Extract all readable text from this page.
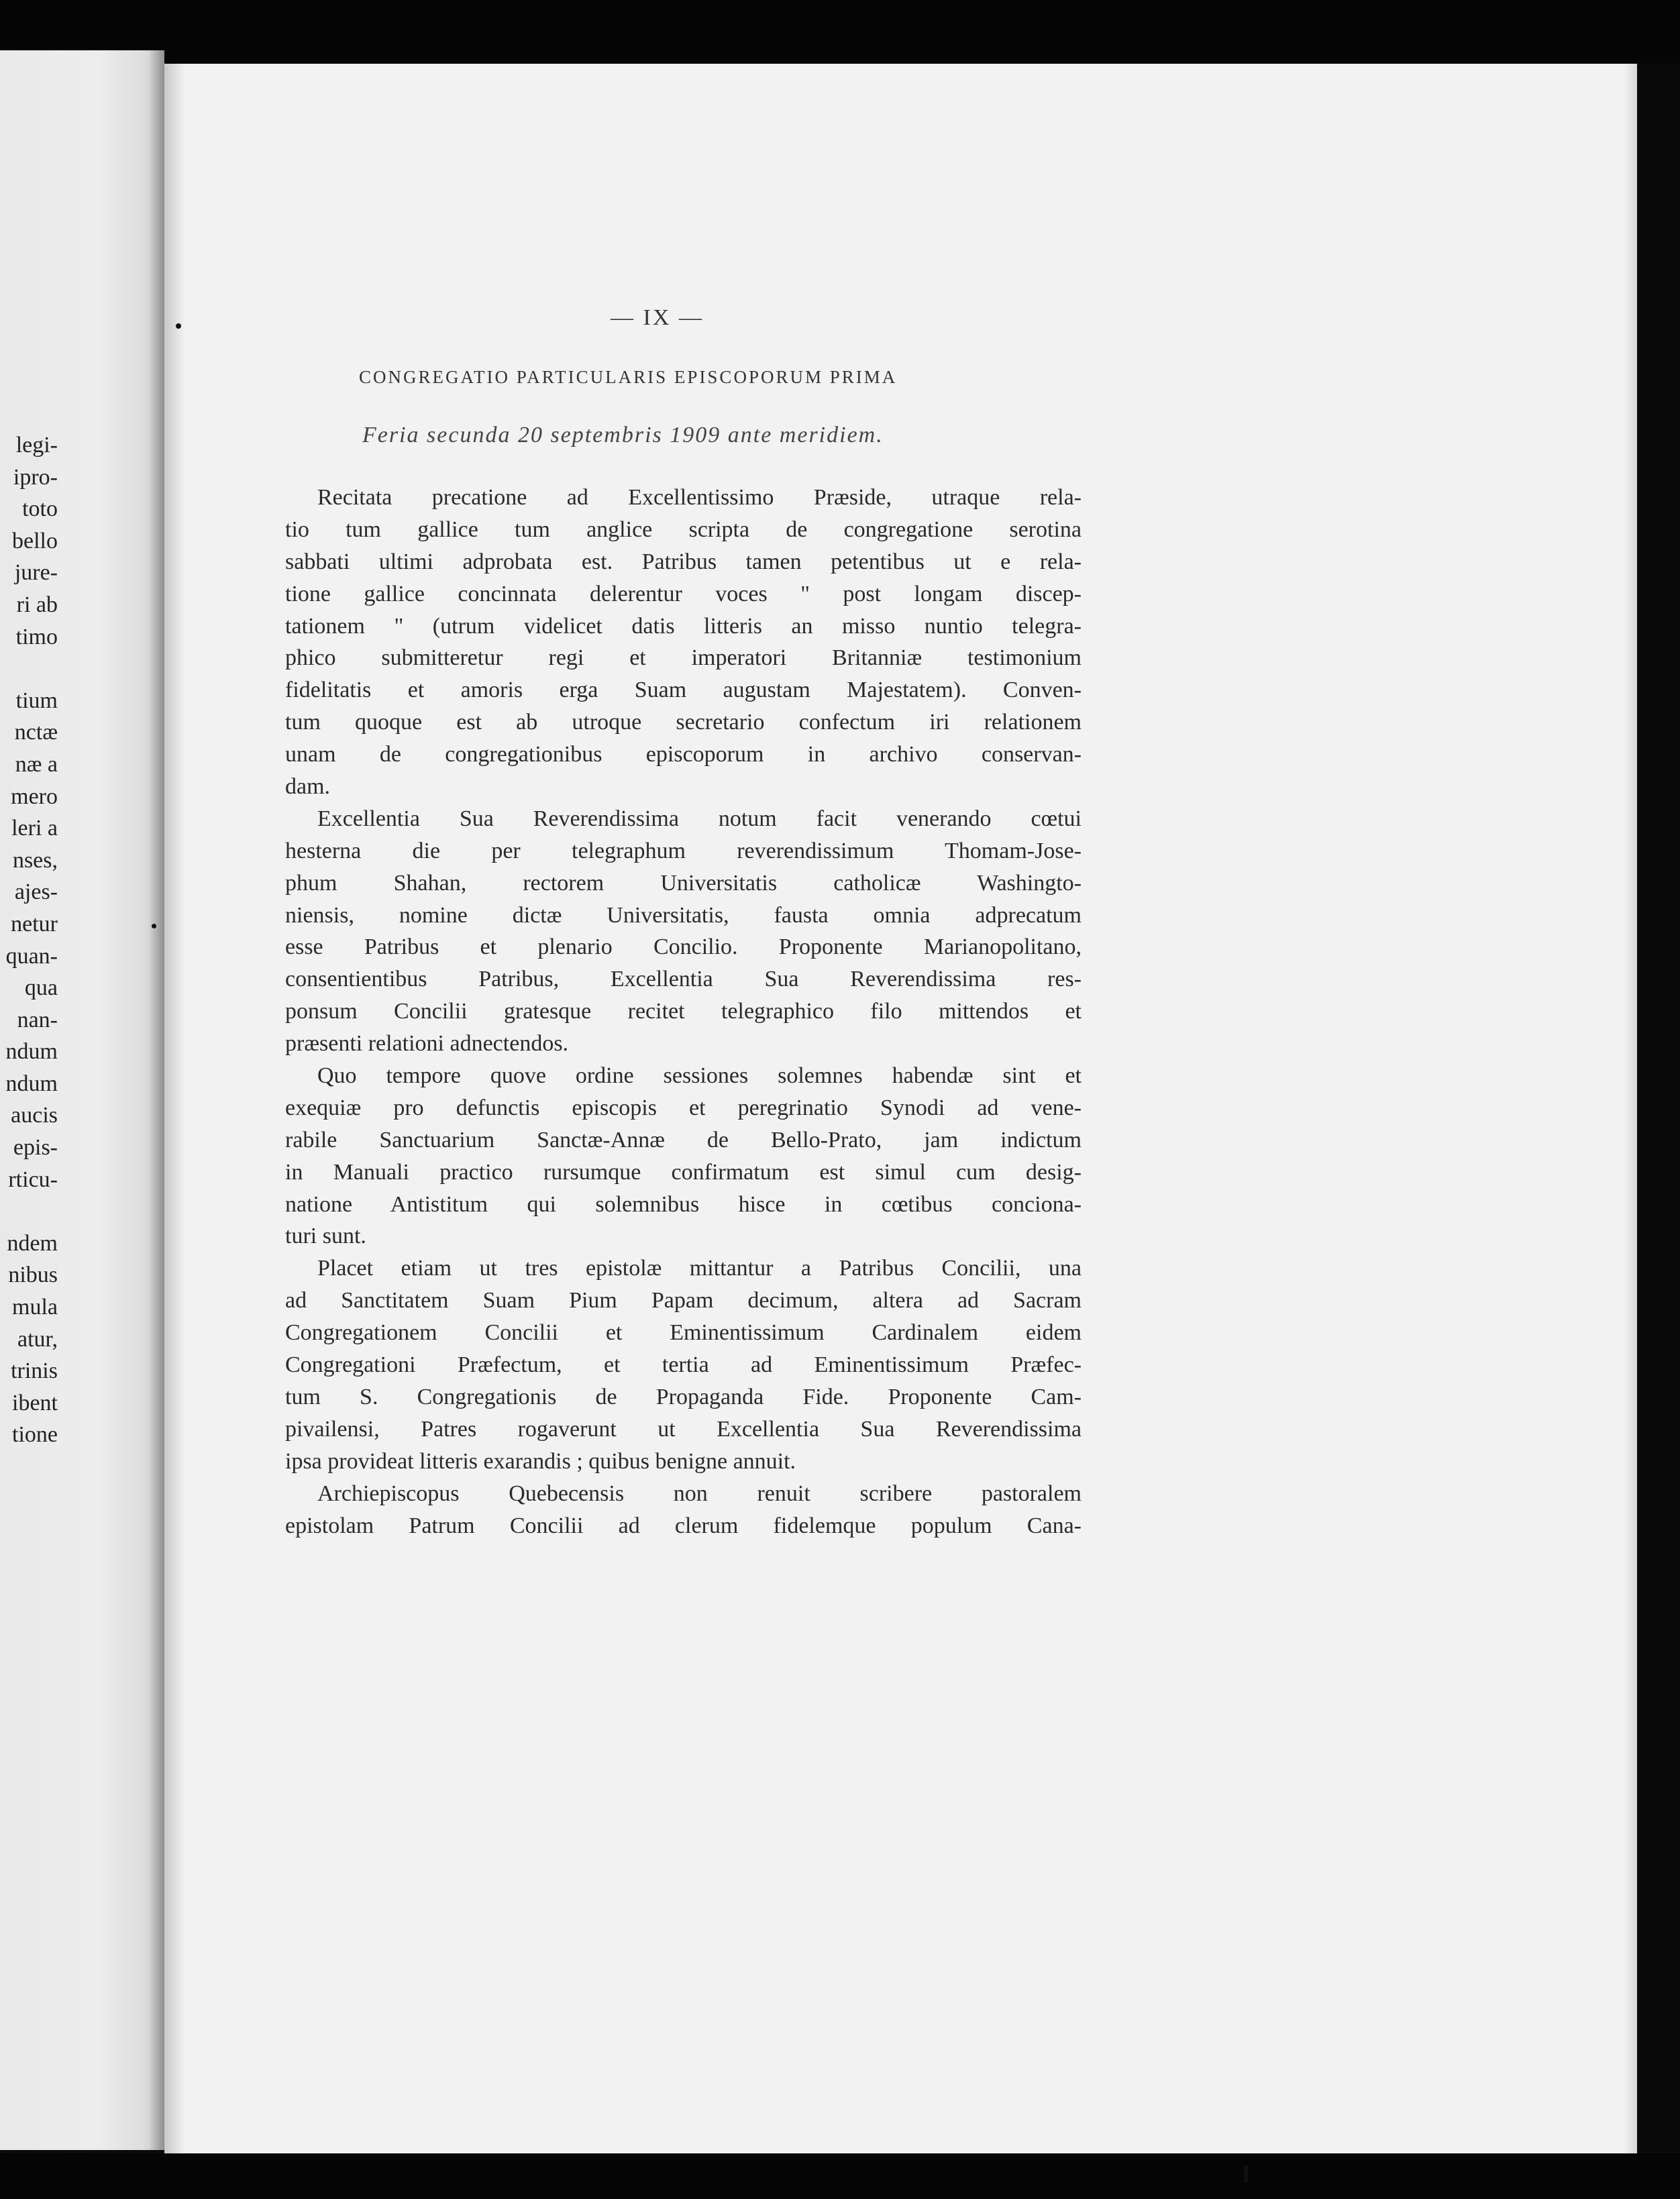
legi-
ipro-
toto
bello
jure-
ri ab
timo
tium
nctæ
næ a
mero
leri a
nses,
ajes-
netur
quan-
qua
nan-
ndum
ndum
aucis
epis-
rticu-
ndem
nibus
mula
atur,
trinis
ibent
tione
— IX —
CONGREGATIO PARTICULARIS EPISCOPORUM PRIMA
Feria secunda 20 septembris 1909 ante meridiem.
Recitata precatione ad Excellentissimo Præside, utraque rela-
tio tum gallice tum anglice scripta de congregatione serotina
sabbati ultimi adprobata est. Patribus tamen petentibus ut e rela-
tione gallice concinnata delerentur voces " post longam discep-
tationem " (utrum videlicet datis litteris an misso nuntio telegra-
phico submitteretur regi et imperatori Britanniæ testimonium
fidelitatis et amoris erga Suam augustam Majestatem). Conven-
tum quoque est ab utroque secretario confectum iri relationem
unam de congregationibus episcoporum in archivo conservan-
dam.
Excellentia Sua Reverendissima notum facit venerando cœtui
hesterna die per telegraphum reverendissimum Thomam-Jose-
phum Shahan, rectorem Universitatis catholicæ Washingto-
niensis, nomine dictæ Universitatis, fausta omnia adprecatum
esse Patribus et plenario Concilio. Proponente Marianopolitano,
consentientibus Patribus, Excellentia Sua Reverendissima res-
ponsum Concilii gratesque recitet telegraphico filo mittendos et
præsenti relationi adnectendos.
Quo tempore quove ordine sessiones solemnes habendæ sint et
exequiæ pro defunctis episcopis et peregrinatio Synodi ad vene-
rabile Sanctuarium Sanctæ-Annæ de Bello-Prato, jam indictum
in Manuali practico rursumque confirmatum est simul cum desig-
natione Antistitum qui solemnibus hisce in cœtibus conciona-
turi sunt.
Placet etiam ut tres epistolæ mittantur a Patribus Concilii, una
ad Sanctitatem Suam Pium Papam decimum, altera ad Sacram
Congregationem Concilii et Eminentissimum Cardinalem eidem
Congregationi Præfectum, et tertia ad Eminentissimum Præfec-
tum S. Congregationis de Propaganda Fide. Proponente Cam-
pivailensi, Patres rogaverunt ut Excellentia Sua Reverendissima
ipsa provideat litteris exarandis ; quibus benigne annuit.
Archiepiscopus Quebecensis non renuit scribere pastoralem
epistolam Patrum Concilii ad clerum fidelemque populum Cana-
